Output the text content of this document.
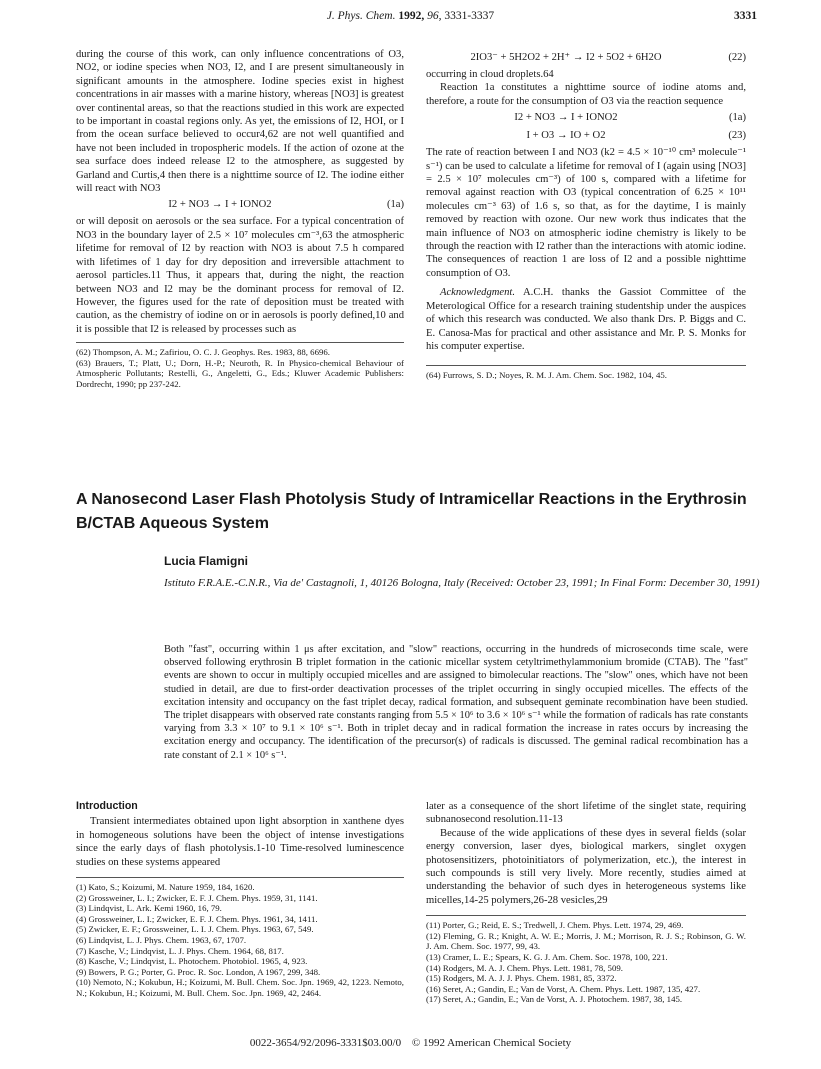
J. Phys. Chem. 1992, 96, 3331-3337	3331

during the course of this work, can only influence concentrations of O3, NO2, or iodine species when NO3, I2, and I are present simultaneously in significant amounts in the atmosphere. Iodine species exist in highest concentrations in air masses with a marine history, whereas [NO3] is greatest over continental areas, so that the reactions studied in this work are expected to be important in coastal regions only. As yet, the emissions of I2, HOI, or I from the ocean surface believed to occur4,62 are not well quantified and have not been included in tropospheric models. If the action of ozone at the sea surface does indeed release I2 to the atmosphere, as suggested by Garland and Curtis,4 then there is a nighttime source of I2. The iodine either will react with NO3

I2 + NO3 → I + IONO2	(1a)

or will deposit on aerosols or the sea surface. For a typical concentration of NO3 in the boundary layer of 2.5 × 10⁷ molecules cm⁻³,63 the atmospheric lifetime for removal of I2 by reaction with NO3 is about 7.5 h compared with lifetimes of 1 day for dry deposition and irreversible attachment to aerosol particles.11 Thus, it appears that, during the night, the reaction between NO3 and I2 may be the dominant process for removal of I2. However, the figures used for the rate of deposition must be treated with caution, as the chemistry of iodine on or in aerosols is poorly defined,10 and it is possible that I2 is released by processes such as

(62) Thompson, A. M.; Zafiriou, O. C. J. Geophys. Res. 1983, 88, 6696.

(63) Brauers, T.; Platt, U.; Dorn, H.-P.; Neuroth, R. In Physico-chemical Behaviour of Atmospheric Pollutants; Restelli, G., Angeletti, G., Eds.; Kluwer Academic Publishers: Dordrecht, 1990; pp 237-242.

2IO3⁻ + 5H2O2 + 2H⁺ → I2 + 5O2 + 6H2O	(22)

occurring in cloud droplets.64

Reaction 1a constitutes a nighttime source of iodine atoms and, therefore, a route for the consumption of O3 via the reaction sequence

I2 + NO3 → I + IONO2	(1a)
I + O3 → IO + O2	(23)

The rate of reaction between I and NO3 (k2 = 4.5 × 10⁻¹⁰ cm³ molecule⁻¹ s⁻¹) can be used to calculate a lifetime for removal of I (again using [NO3] = 2.5 × 10⁷ molecules cm⁻³) of 100 s, compared with a lifetime for removal against reaction with O3 (typical concentration of 6.25 × 10¹¹ molecules cm⁻³ 63) of 1.6 s, so that, as for the daytime, I is mainly removed by reaction with ozone. Our new work thus indicates that the main influence of NO3 on atmospheric iodine chemistry is likely to be through the reaction with I2 rather than the interactions with atomic iodine. The consequences of reaction 1 are loss of I2 and a possible nighttime consumption of O3.

Acknowledgment. A.C.H. thanks the Gassiot Committee of the Meterological Office for a research training studentship under the auspices of which this research was conducted. We also thank Drs. P. Biggs and C. E. Canosa-Mas for practical and other assistance and Mr. P. S. Monks for his computer expertise.

(64) Furrows, S. D.; Noyes, R. M. J. Am. Chem. Soc. 1982, 104, 45.

A Nanosecond Laser Flash Photolysis Study of Intramicellar Reactions in the Erythrosin B/CTAB Aqueous System
Lucia Flamigni
Istituto F.R.A.E.-C.N.R., Via de' Castagnoli, 1, 40126 Bologna, Italy (Received: October 23, 1991; In Final Form: December 30, 1991)
Both "fast", occurring within 1 μs after excitation, and "slow" reactions, occurring in the hundreds of microseconds time scale, were observed following erythrosin B triplet formation in the cationic micellar system cetyltrimethylammonium bromide (CTAB). The "fast" events are shown to occur in multiply occupied micelles and are assigned to bimolecular reactions. The "slow" ones, which have not been studied in detail, are due to first-order deactivation processes of the triplet occurring in singly occupied micelles. The effects of the excitation intensity and occupancy on the fast triplet decay, radical formation, and subsequent geminate recombination have been studied. The triplet disappears with observed rate constants ranging from 5.5 × 10⁶ to 3.6 × 10⁶ s⁻¹ while the formation of radicals has rate constants varying from 3.3 × 10⁷ to 9.1 × 10⁶ s⁻¹. Both in triplet decay and in radical formation the increase in rates occurs by increasing the excitation energy and occupancy. The identification of the precursor(s) of radicals is discussed. The geminal radical recombination has a rate constant of 2.1 × 10⁶ s⁻¹.
Introduction

Transient intermediates obtained upon light absorption in xanthene dyes in homogeneous solutions have been the object of intense investigations since the early days of flash photolysis.1-10 Time-resolved luminescence studies on these systems appeared

(1) Kato, S.; Koizumi, M. Nature 1959, 184, 1620.

(2) Grossweiner, L. I.; Zwicker, E. F. J. Chem. Phys. 1959, 31, 1141.

(3) Lindqvist, L. Ark. Kemi 1960, 16, 79.

(4) Grossweiner, L. I.; Zwicker, E. F. J. Chem. Phys. 1961, 34, 1411.

(5) Zwicker, E. F.; Grossweiner, L. I. J. Chem. Phys. 1963, 67, 549.

(6) Lindqvist, L. J. Phys. Chem. 1963, 67, 1707.

(7) Kasche, V.; Lindqvist, L. J. Phys. Chem. 1964, 68, 817.

(8) Kasche, V.; Lindqvist, L. Photochem. Photobiol. 1965, 4, 923.

(9) Bowers, P. G.; Porter, G. Proc. R. Soc. London, A 1967, 299, 348.

(10) Nemoto, N.; Kokubun, H.; Koizumi, M. Bull. Chem. Soc. Jpn. 1969, 42, 1223. Nemoto, N.; Kokubun, H.; Koizumi, M. Bull. Chem. Soc. Jpn. 1969, 42, 2464.

later as a consequence of the short lifetime of the singlet state, requiring subnanosecond resolution.11-13

Because of the wide applications of these dyes in several fields (solar energy conversion, laser dyes, biological markers, singlet oxygen photosensitizers, photoinitiators of polymerization, etc.), the interest in such compounds is still very lively. More recently, studies aimed at understanding the behavior of such dyes in heterogeneous systems like micelles,14-25 polymers,26-28 vesicles,29

(11) Porter, G.; Reid, E. S.; Tredwell, J. Chem. Phys. Lett. 1974, 29, 469.

(12) Fleming, G. R.; Knight, A. W. E.; Morris, J. M.; Morrison, R. J. S.; Robinson, G. W. J. Am. Chem. Soc. 1977, 99, 43.

(13) Cramer, L. E.; Spears, K. G. J. Am. Chem. Soc. 1978, 100, 221.

(14) Rodgers, M. A. J. Chem. Phys. Lett. 1981, 78, 509.

(15) Rodgers, M. A. J. J. Phys. Chem. 1981, 85, 3372.

(16) Seret, A.; Gandin, E.; Van de Vorst, A. Chem. Phys. Lett. 1987, 135, 427.

(17) Seret, A.; Gandin, E.; Van de Vorst, A. J. Photochem. 1987, 38, 145.

0022-3654/92/2096-3331$03.00/0 © 1992 American Chemical Society
